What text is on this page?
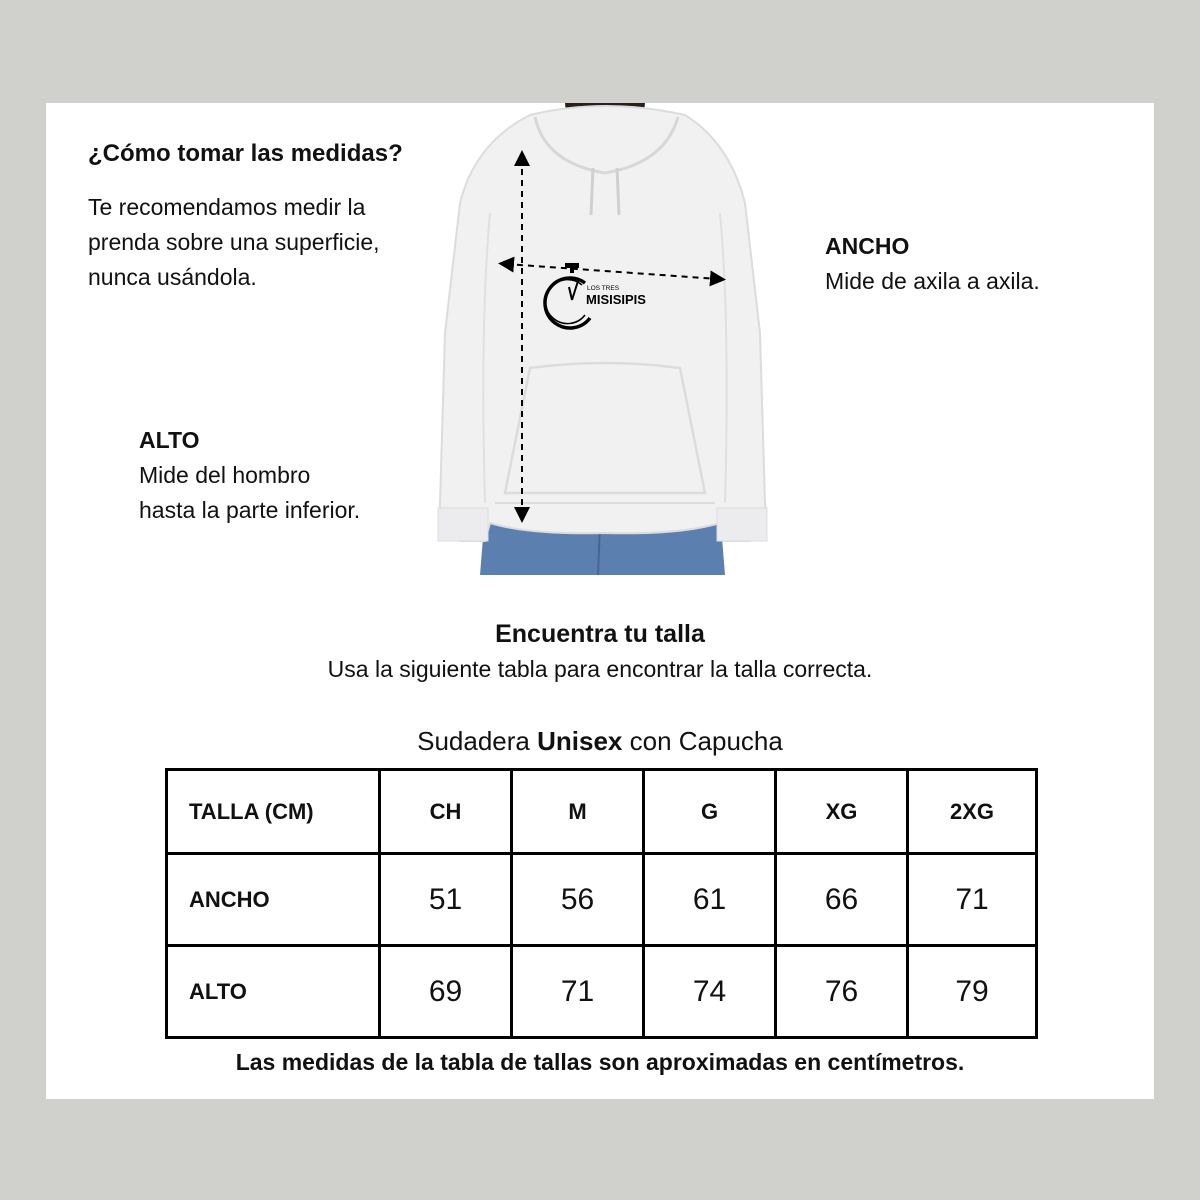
¿Cómo tomar las medidas?

Te recomendamos medir la prenda sobre una superficie, nunca usándola.

ANCHO
Mide de axila a axila.
ALTO
Mide del hombro
hasta la parte inferior.
LOS TRES
MISISIPIS
Encuentra tu talla

Usa la siguiente tabla para encontrar la talla correcta.

Sudadera Unisex con Capucha

TALLA (CM)	CH	M	G	XG	2XG
ANCHO	51	56	61	66	71
ALTO	69	71	74	76	79

Las medidas de la tabla de tallas son aproximadas en centímetros.
